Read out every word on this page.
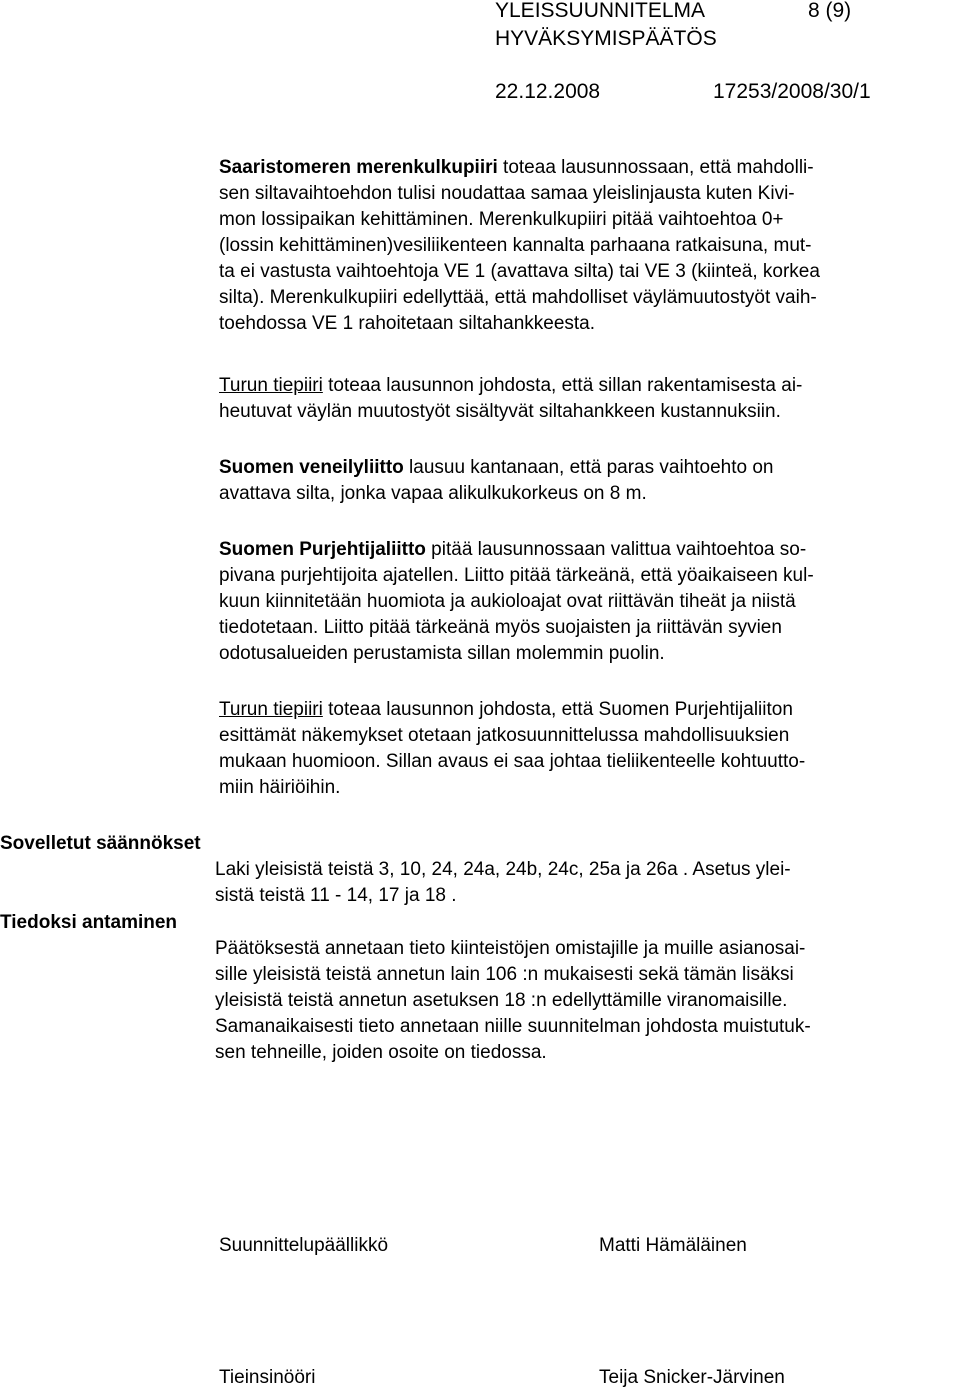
YLEISSUUNNITELMA	8 (9)
HYVÄKSYMISPÄÄTÖS
22.12.2008	17253/2008/30/1
Saaristomeren merenkulkupiiri toteaa lausunnossaan, että mahdolli-
sen siltavaihtoehdon tulisi noudattaa samaa yleislinjausta kuten Kivi-
mon lossipaikan kehittäminen. Merenkulkupiiri pitää vaihtoehtoa 0+
(lossin kehittäminen)vesiliikenteen kannalta parhaana ratkaisuna, mut-
ta ei vastusta vaihtoehtoja VE 1 (avattava silta) tai VE 3 (kiinteä, korkea
silta). Merenkulkupiiri edellyttää, että mahdolliset väylämuutostyöt vaih-
toehdossa VE 1 rahoitetaan siltahankkeesta.
Turun tiepiiri toteaa lausunnon johdosta, että sillan rakentamisesta ai-
heutuvat väylän muutostyöt sisältyvät siltahankkeen kustannuksiin.
Suomen veneilyliitto lausuu kantanaan, että paras vaihtoehto on
avattava silta, jonka vapaa alikulkukorkeus on 8 m.
Suomen Purjehtijaliitto pitää lausunnossaan valittua vaihtoehtoa so-
pivana purjehtijoita ajatellen. Liitto pitää tärkeänä, että yöaikaiseen kul-
kuun kiinnitetään huomiota ja aukioloajat ovat riittävän tiheät ja niistä
tiedotetaan. Liitto pitää tärkeänä myös suojaisten ja riittävän syvien
odotusalueiden perustamista sillan molemmin puolin.
Turun tiepiiri toteaa lausunnon johdosta, että Suomen Purjehtijaliiton
esittämät näkemykset otetaan jatkosuunnittelussa mahdollisuuksien
mukaan huomioon. Sillan avaus ei saa johtaa tieliikenteelle kohtuutto-
miin häiriöihin.
Sovelletut säännökset
Laki yleisistä teistä 3, 10, 24, 24a, 24b, 24c, 25a ja 26a . Asetus ylei-
sistä teistä 11 - 14, 17 ja 18 .
Tiedoksi antaminen
Päätöksestä annetaan tieto kiinteistöjen omistajille ja muille asianosai-
sille yleisistä teistä annetun lain 106 :n mukaisesti sekä tämän lisäksi
yleisistä teistä annetun asetuksen 18 :n edellyttämille viranomaisille.
Samanaikaisesti tieto annetaan niille suunnitelman johdosta muistutuk-
sen tehneille, joiden osoite on tiedossa.
Suunnittelupäällikkö	Matti Hämäläinen
Tieinsinööri	Teija Snicker-Järvinen
